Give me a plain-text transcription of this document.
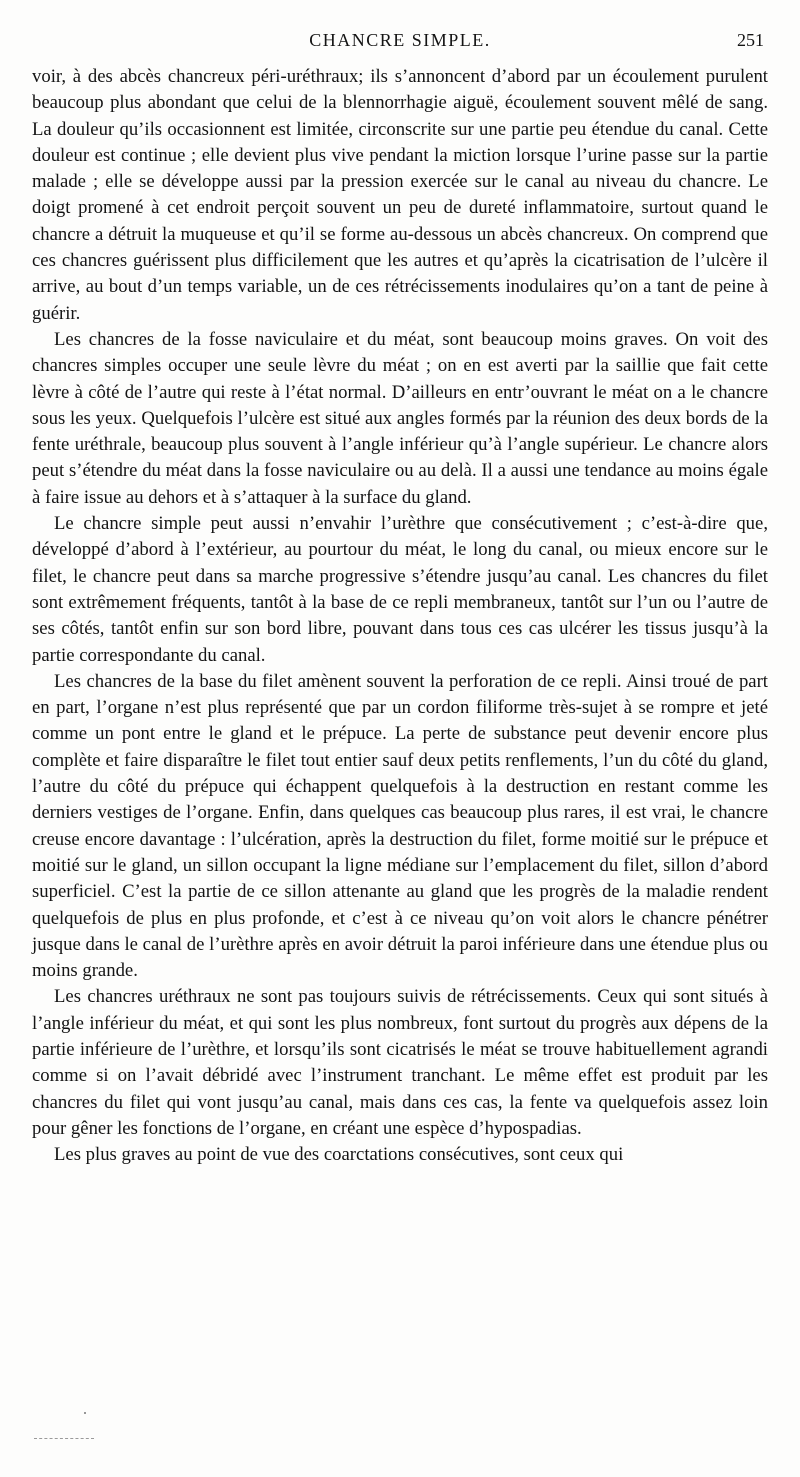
CHANCRE SIMPLE.	251

voir, à des abcès chancreux péri-uréthraux; ils s’annoncent d’abord par un écoulement purulent beaucoup plus abondant que celui de la blennorrhagie aiguë, écoulement souvent mêlé de sang. La douleur qu’ils occasionnent est limitée, circonscrite sur une partie peu étendue du canal. Cette douleur est continue ; elle devient plus vive pendant la miction lorsque l’urine passe sur la partie malade ; elle se développe aussi par la pression exercée sur le canal au niveau du chancre. Le doigt promené à cet endroit perçoit souvent un peu de dureté inflammatoire, surtout quand le chancre a détruit la muqueuse et qu’il se forme au-dessous un abcès chancreux. On comprend que ces chancres guérissent plus difficilement que les autres et qu’après la cicatrisation de l’ulcère il arrive, au bout d’un temps variable, un de ces rétrécissements inodulaires qu’on a tant de peine à guérir.

Les chancres de la fosse naviculaire et du méat, sont beaucoup moins graves. On voit des chancres simples occuper une seule lèvre du méat ; on en est averti par la saillie que fait cette lèvre à côté de l’autre qui reste à l’état normal. D’ailleurs en entr’ouvrant le méat on a le chancre sous les yeux. Quelquefois l’ulcère est situé aux angles formés par la réunion des deux bords de la fente uréthrale, beaucoup plus souvent à l’angle inférieur qu’à l’angle supérieur. Le chancre alors peut s’étendre du méat dans la fosse naviculaire ou au delà. Il a aussi une tendance au moins égale à faire issue au dehors et à s’attaquer à la surface du gland.

Le chancre simple peut aussi n’envahir l’urèthre que consécutivement ; c’est-à-dire que, développé d’abord à l’extérieur, au pourtour du méat, le long du canal, ou mieux encore sur le filet, le chancre peut dans sa marche progressive s’étendre jusqu’au canal. Les chancres du filet sont extrêmement fréquents, tantôt à la base de ce repli membraneux, tantôt sur l’un ou l’autre de ses côtés, tantôt enfin sur son bord libre, pouvant dans tous ces cas ulcérer les tissus jusqu’à la partie correspondante du canal.

Les chancres de la base du filet amènent souvent la perforation de ce repli. Ainsi troué de part en part, l’organe n’est plus représenté que par un cordon filiforme très-sujet à se rompre et jeté comme un pont entre le gland et le prépuce. La perte de substance peut devenir encore plus complète et faire disparaître le filet tout entier sauf deux petits renflements, l’un du côté du gland, l’autre du côté du prépuce qui échappent quelquefois à la destruction en restant comme les derniers vestiges de l’organe. Enfin, dans quelques cas beaucoup plus rares, il est vrai, le chancre creuse encore davantage : l’ulcération, après la destruction du filet, forme moitié sur le prépuce et moitié sur le gland, un sillon occupant la ligne médiane sur l’emplacement du filet, sillon d’abord superficiel. C’est la partie de ce sillon attenante au gland que les progrès de la maladie rendent quelquefois de plus en plus profonde, et c’est à ce niveau qu’on voit alors le chancre pénétrer jusque dans le canal de l’urèthre après en avoir détruit la paroi inférieure dans une étendue plus ou moins grande.

Les chancres uréthraux ne sont pas toujours suivis de rétrécissements. Ceux qui sont situés à l’angle inférieur du méat, et qui sont les plus nombreux, font surtout du progrès aux dépens de la partie inférieure de l’urèthre, et lorsqu’ils sont cicatrisés le méat se trouve habituellement agrandi comme si on l’avait débridé avec l’instrument tranchant. Le même effet est produit par les chancres du filet qui vont jusqu’au canal, mais dans ces cas, la fente va quelquefois assez loin pour gêner les fonctions de l’organe, en créant une espèce d’hypospadias.

Les plus graves au point de vue des coarctations consécutives, sont ceux qui
